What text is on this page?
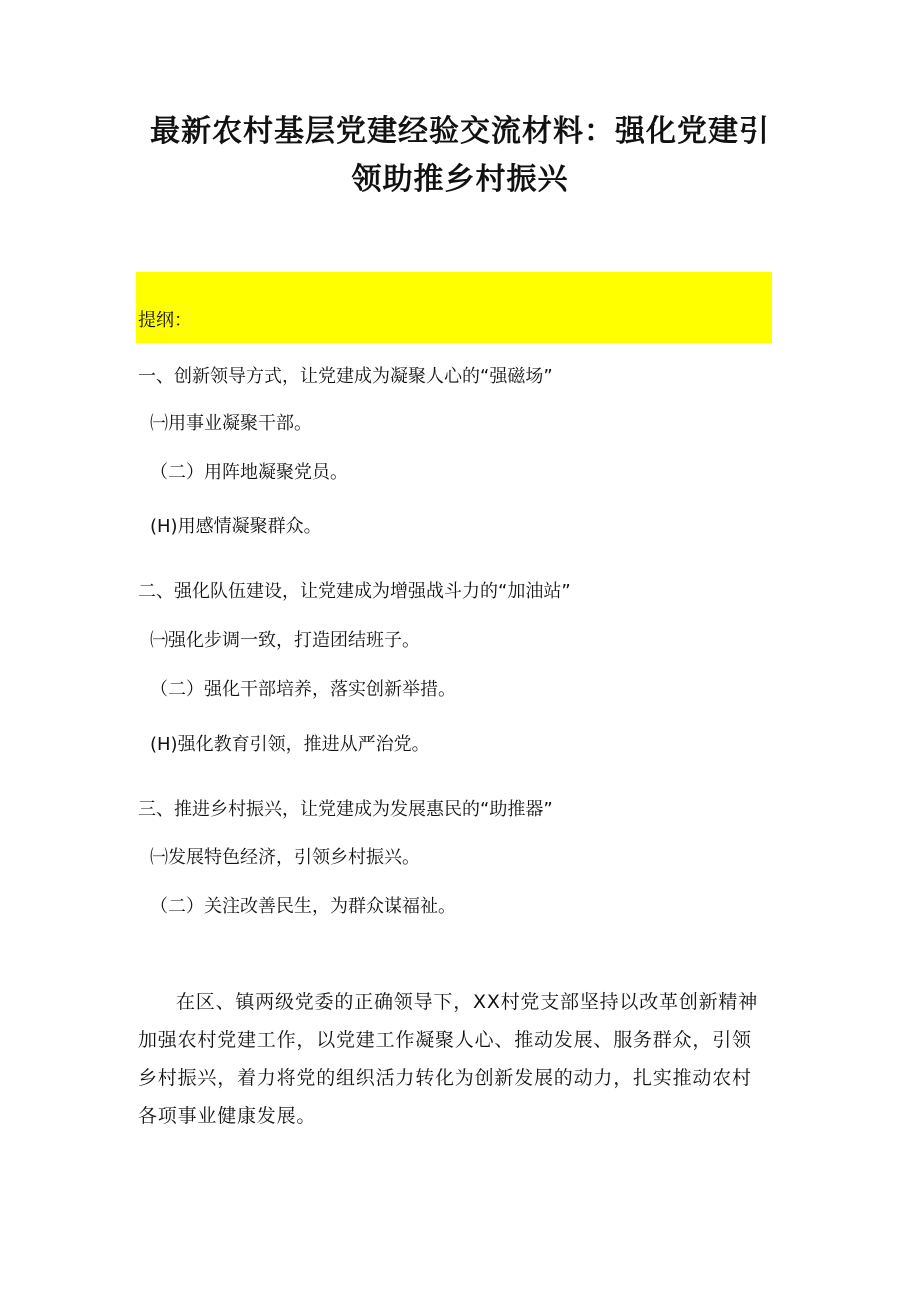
最新农村基层党建经验交流材料：强化党建引
领助推乡村振兴
提纲：
一、创新领导方式，让党建成为凝聚人心的“强磁场”
㈠用事业凝聚干部。
（二）用阵地凝聚党员。
(H)用感情凝聚群众。
二、强化队伍建设，让党建成为增强战斗力的“加油站”
㈠强化步调一致，打造团结班子。
（二）强化干部培养，落实创新举措。
(H)强化教育引领，推进从严治党。
三、推进乡村振兴，让党建成为发展惠民的“助推器”
㈠发展特色经济，引领乡村振兴。
（二）关注改善民生，为群众谋福祉。
在区、镇两级党委的正确领导下，XX村党支部坚持以改革创新精神
加强农村党建工作，以党建工作凝聚人心、推动发展、服务群众，引领
乡村振兴，着力将党的组织活力转化为创新发展的动力，扎实推动农村
各项事业健康发展。
